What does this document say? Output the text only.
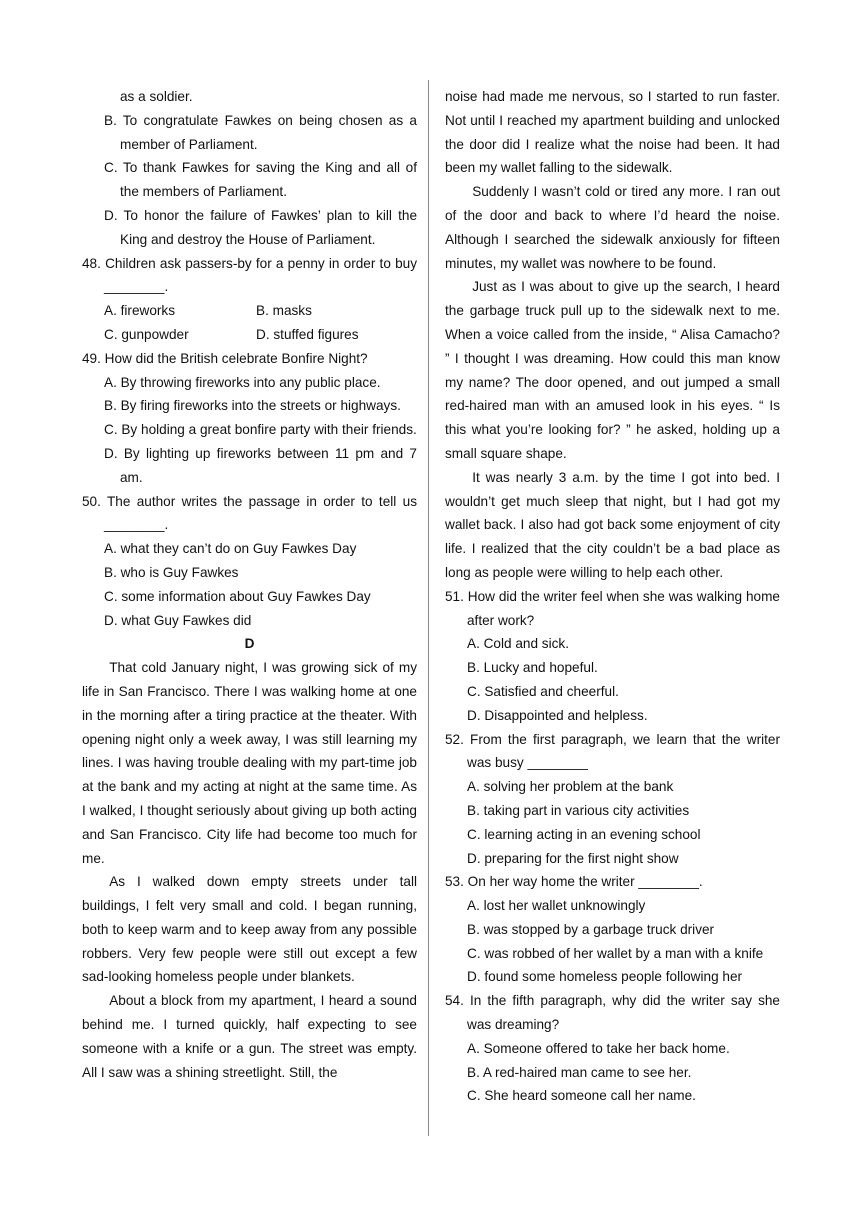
as a soldier.

B. To congratulate Fawkes on being chosen as a member of Parliament.

C. To thank Fawkes for saving the King and all of the members of Parliament.

D. To honor the failure of Fawkes’ plan to kill the King and destroy the House of Parliament.

48. Children ask passers-by for a penny in order to buy ________.

A. fireworks	B. masks
C. gunpowder	D. stuffed figures

49. How did the British celebrate Bonfire Night?

A. By throwing fireworks into any public place.

B. By firing fireworks into the streets or highways.

C. By holding a great bonfire party with their friends.

D. By lighting up fireworks between 11 pm and 7 am.

50. The author writes the passage in order to tell us ________.

A. what they can’t do on Guy Fawkes Day

B. who is Guy Fawkes

C. some information about Guy Fawkes Day

D. what Guy Fawkes did

D

That cold January night, I was growing sick of my life in San Francisco. There I was walking home at one in the morning after a tiring practice at the theater. With opening night only a week away, I was still learning my lines. I was having trouble dealing with my part-time job at the bank and my acting at night at the same time. As I walked, I thought seriously about giving up both acting and San Francisco. City life had become too much for me.

As I walked down empty streets under tall buildings, I felt very small and cold. I began running, both to keep warm and to keep away from any possible robbers. Very few people were still out except a few sad-looking homeless people under blankets.

About a block from my apartment, I heard a sound behind me. I turned quickly, half expecting to see someone with a knife or a gun. The street was empty. All I saw was a shining streetlight. Still, the

noise had made me nervous, so I started to run faster. Not until I reached my apartment building and unlocked the door did I realize what the noise had been. It had been my wallet falling to the sidewalk.

Suddenly I wasn’t cold or tired any more. I ran out of the door and back to where I’d heard the noise. Although I searched the sidewalk anxiously for fifteen minutes, my wallet was nowhere to be found.

Just as I was about to give up the search, I heard the garbage truck pull up to the sidewalk next to me. When a voice called from the inside, “ Alisa Camacho? ” I thought I was dreaming. How could this man know my name? The door opened, and out jumped a small red-haired man with an amused look in his eyes. “ Is this what you’re looking for? ” he asked, holding up a small square shape.

It was nearly 3 a.m. by the time I got into bed. I wouldn’t get much sleep that night, but I had got my wallet back. I also had got back some enjoyment of city life. I realized that the city couldn’t be a bad place as long as people were willing to help each other.

51. How did the writer feel when she was walking home after work?

A. Cold and sick.

B. Lucky and hopeful.

C. Satisfied and cheerful.

D. Disappointed and helpless.

52. From the first paragraph, we learn that the writer was busy ________

A. solving her problem at the bank

B. taking part in various city activities

C. learning acting in an evening school

D. preparing for the first night show

53. On her way home the writer ________.

A. lost her wallet unknowingly

B. was stopped by a garbage truck driver

C. was robbed of her wallet by a man with a knife

D. found some homeless people following her

54. In the fifth paragraph, why did the writer say she was dreaming?

A. Someone offered to take her back home.

B. A red-haired man came to see her.

C. She heard someone call her name.
